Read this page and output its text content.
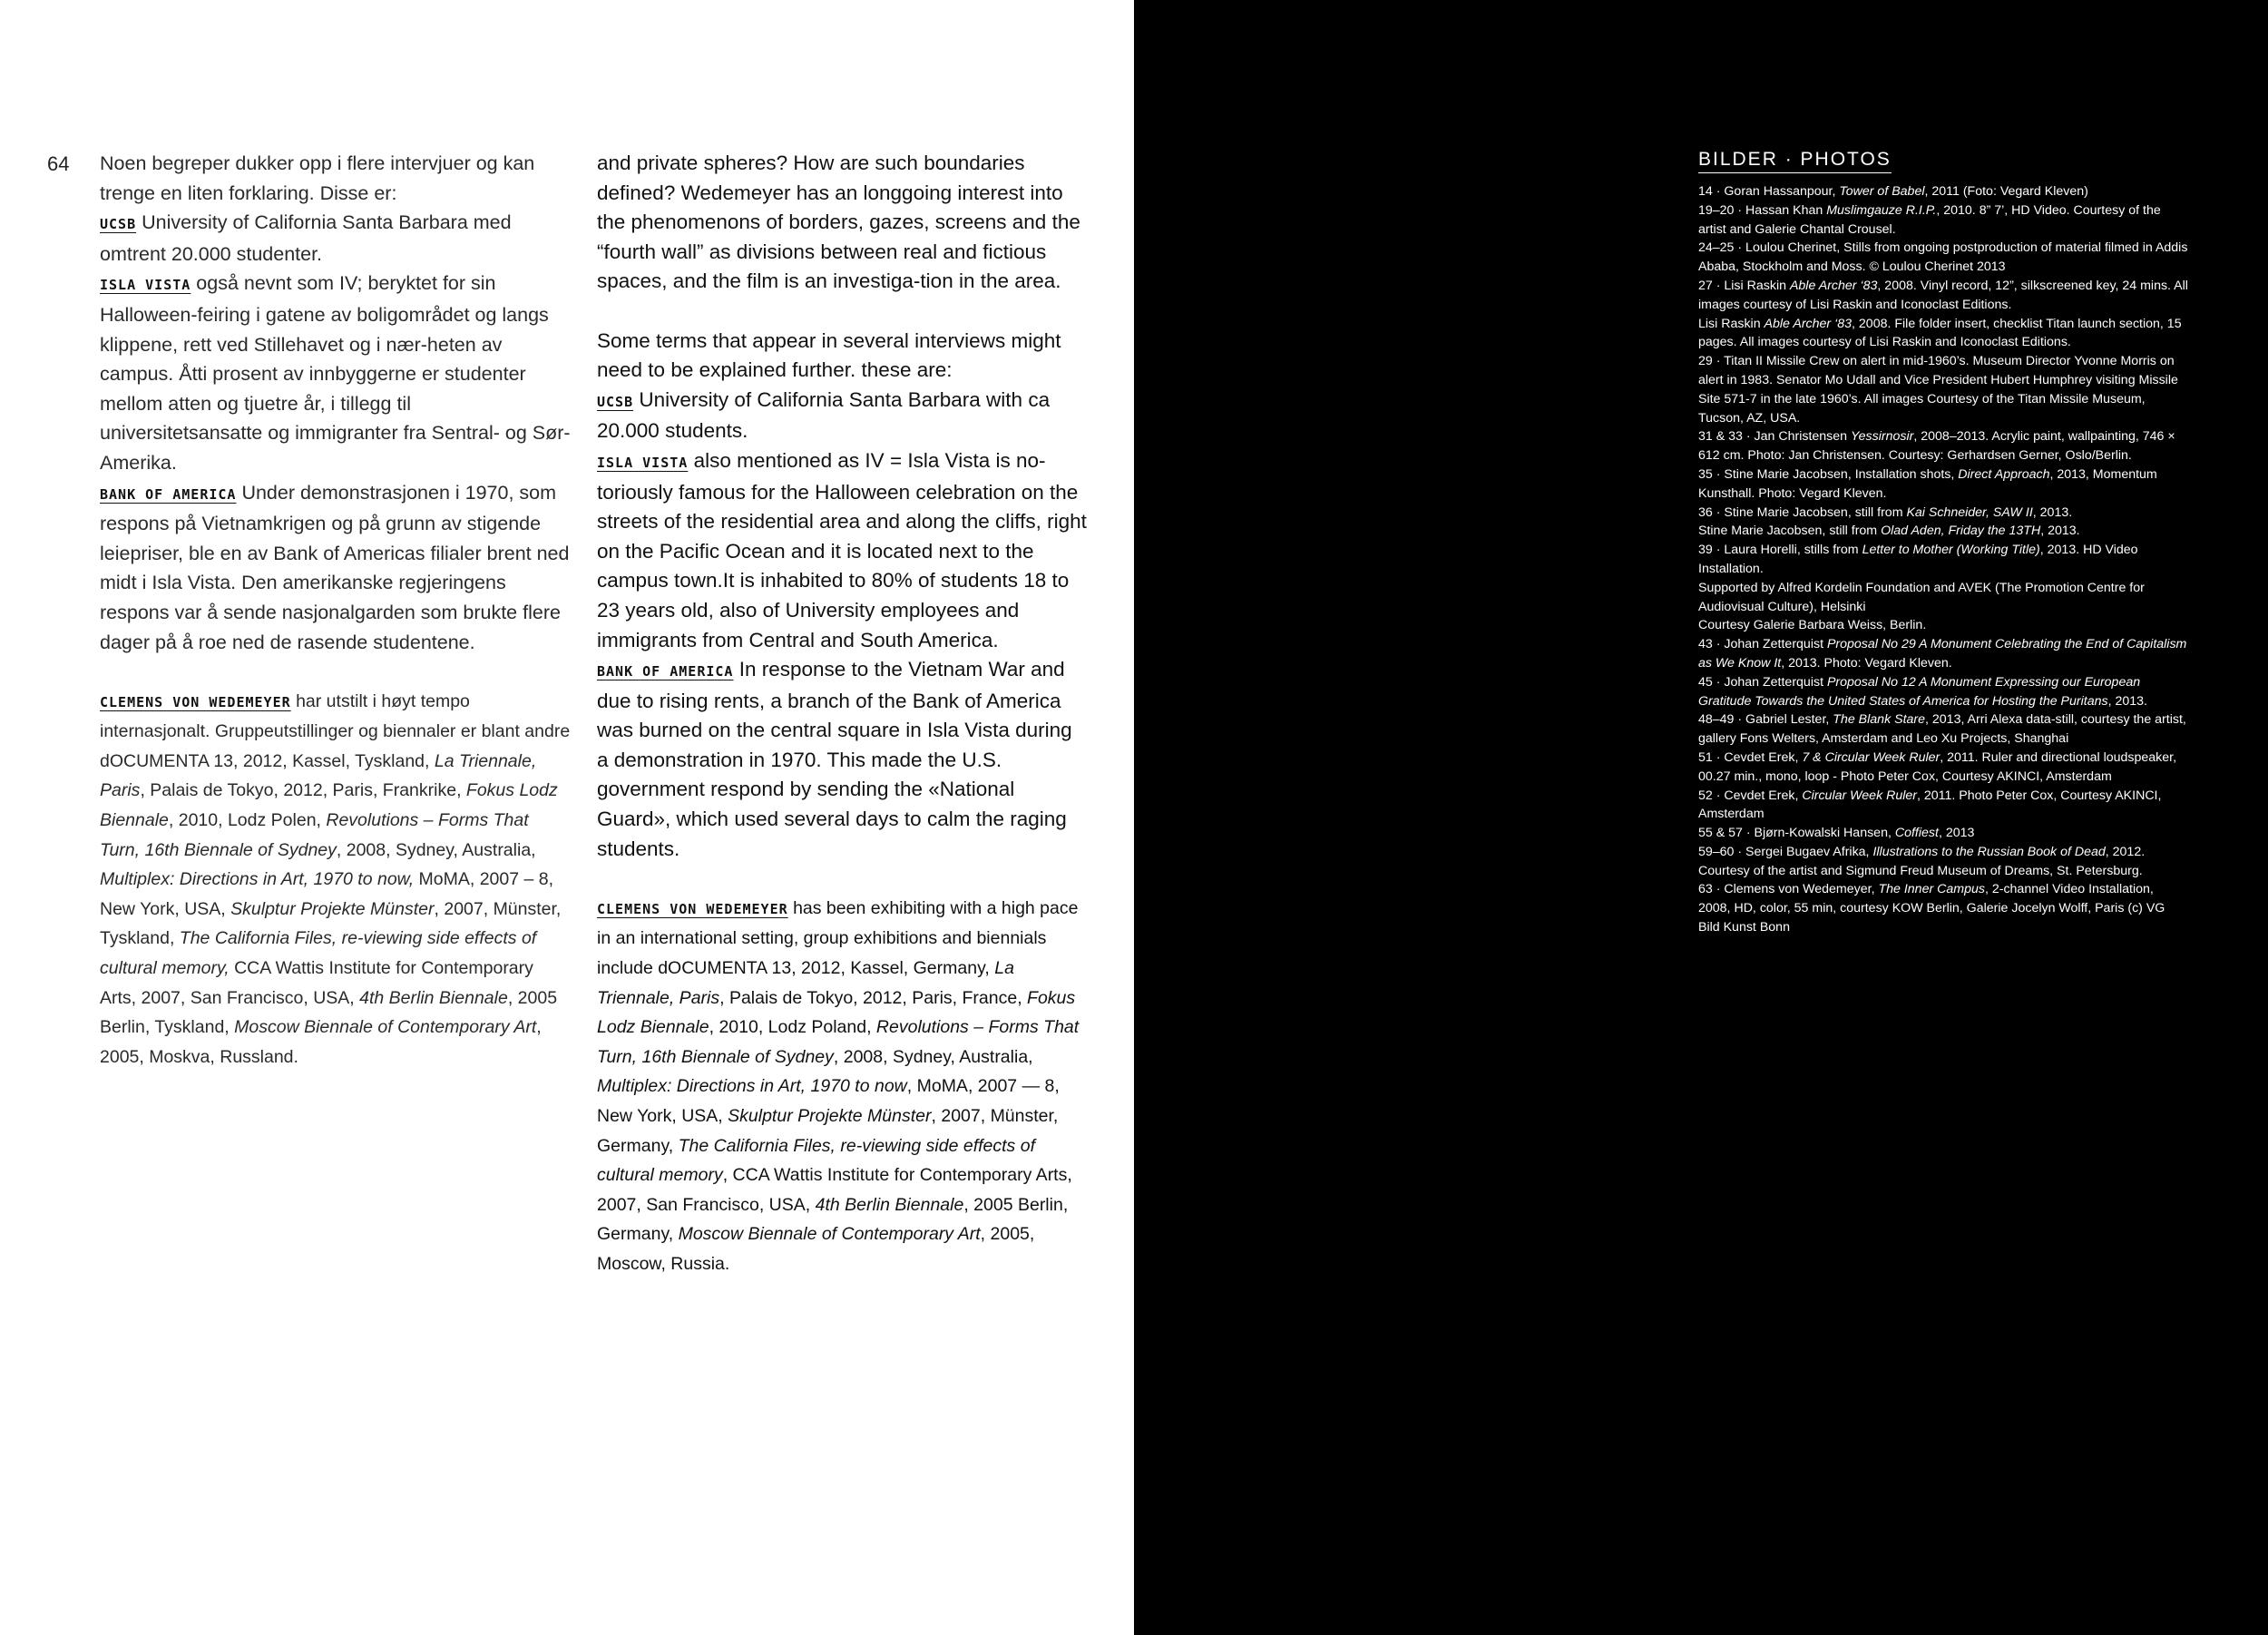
64 Noen begreper dukker opp i flere intervjuer og kan trenge en liten forklaring. Disse er:

UCSB University of California Santa Barbara med omtrent 20.000 studenter.

ISLA VISTA også nevnt som IV; beryktet for sin Halloween-feiring i gatene av boligområdet og langs klippene, rett ved Stillehavet og i nær-heten av campus. Åtti prosent av innbyggerne er studenter mellom atten og tjuetre år, i tillegg til universitetsansatte og immigranter fra Sentral- og Sør-Amerika.

BANK OF AMERICA Under demonstrasjonen i 1970, som respons på Vietnamkrigen og på grunn av stigende leiepriser, ble en av Bank of Americas filialer brent ned midt i Isla Vista. Den amerikanske regjeringens respons var å sende nasjonalgarden som brukte flere dager på å roe ned de rasende studentene.

CLEMENS VON WEDEMEYER har utstilt i høyt tempo internasjonalt. Gruppeutstillinger og biennaler er blant andre dOCUMENTA 13, 2012, Kassel, Tyskland, La Triennale, Paris, Palais de Tokyo, 2012, Paris, Frankrike, Fokus Lodz Biennale, 2010, Lodz Polen, Revolutions – Forms That Turn, 16th Biennale of Sydney, 2008, Sydney, Australia, Multiplex: Directions in Art, 1970 to now, MoMA, 2007 – 8, New York, USA, Skulptur Projekte Münster, 2007, Münster, Tyskland, The California Files, re-viewing side effects of cultural memory, CCA Wattis Institute for Contemporary Arts, 2007, San Francisco, USA, 4th Berlin Biennale, 2005 Berlin, Tyskland, Moscow Biennale of Contemporary Art, 2005, Moskva, Russland.

and private spheres? How are such boundaries defined? Wedemeyer has an longgoing interest into the phenomenons of borders, gazes, screens and the “fourth wall” as divisions between real and fictious spaces, and the film is an investiga-tion in the area.

Some terms that appear in several interviews might need to be explained further. these are:

UCSB University of California Santa Barbara with ca 20.000 students.

ISLA VISTA also mentioned as IV = Isla Vista is no-toriously famous for the Halloween celebration on the streets of the residential area and along the cliffs, right on the Pacific Ocean and it is located next to the campus town.It is inhabited to 80% of students 18 to 23 years old, also of University employees and immigrants from Central and South America.

BANK OF AMERICA In response to the Vietnam War and due to rising rents, a branch of the Bank of America was burned on the central square in Isla Vista during a demonstration in 1970. This made the U.S. government respond by sending the «National Guard», which used several days to calm the raging students.

CLEMENS VON WEDEMEYER has been exhibiting with a high pace in an international setting, group exhibitions and biennials include dOCUMENTA 13, 2012, Kassel, Germany, La Triennale, Paris, Palais de Tokyo, 2012, Paris, France, Fokus Lodz Biennale, 2010, Lodz Poland, Revolutions – Forms That Turn, 16th Biennale of Sydney, 2008, Sydney, Australia, Multiplex: Directions in Art, 1970 to now, MoMA, 2007 — 8, New York, USA, Skulptur Projekte Münster, 2007, Münster, Germany, The California Files, re-viewing side effects of cultural memory, CCA Wattis Institute for Contemporary Arts, 2007, San Francisco, USA, 4th Berlin Biennale, 2005 Berlin, Germany, Moscow Biennale of Contemporary Art, 2005, Moscow, Russia.

BILDER · PHOTOS

14 · Goran Hassanpour, Tower of Babel, 2011 (Foto: Vegard Kleven)

19–20 · Hassan Khan Muslimgauze R.I.P., 2010. 8” 7’, HD Video. Courtesy of the artist and Galerie Chantal Crousel.

24–25 · Loulou Cherinet, Stills from ongoing postproduction of material filmed in Addis Ababa, Stockholm and Moss. © Loulou Cherinet 2013

27 · Lisi Raskin Able Archer ‘83, 2008. Vinyl record, 12”, silkscreened key, 24 mins. All images courtesy of Lisi Raskin and Iconoclast Editions.

Lisi Raskin Able Archer ‘83, 2008. File folder insert, checklist Titan launch section, 15 pages. All images courtesy of Lisi Raskin and Iconoclast Editions.

29 · Titan II Missile Crew on alert in mid-1960’s. Museum Director Yvonne Morris on alert in 1983. Senator Mo Udall and Vice President Hubert Humphrey visiting Missile Site 571-7 in the late 1960’s. All images Courtesy of the Titan Missile Museum, Tucson, AZ, USA.

31 & 33 · Jan Christensen Yessirnosir, 2008–2013. Acrylic paint, wallpainting, 746 × 612 cm. Photo: Jan Christensen. Courtesy: Gerhardsen Gerner, Oslo/Berlin.

35 · Stine Marie Jacobsen, Installation shots, Direct Approach, 2013, Momentum Kunsthall. Photo: Vegard Kleven.

36 · Stine Marie Jacobsen, still from Kai Schneider, SAW II, 2013.

Stine Marie Jacobsen, still from Olad Aden, Friday the 13TH, 2013.

39 · Laura Horelli, stills from Letter to Mother (Working Title), 2013. HD Video Installation.

Supported by Alfred Kordelin Foundation and AVEK (The Promotion Centre for Audiovisual Culture), Helsinki

Courtesy Galerie Barbara Weiss, Berlin.

43 · Johan Zetterquist Proposal No 29 A Monument Celebrating the End of Capitalism as We Know It, 2013. Photo: Vegard Kleven.

45 · Johan Zetterquist Proposal No 12 A Monument Expressing our European Gratitude Towards the United States of America for Hosting the Puritans, 2013.

48–49 · Gabriel Lester, The Blank Stare, 2013, Arri Alexa data-still, courtesy the artist, gallery Fons Welters, Amsterdam and Leo Xu Projects, Shanghai

51 · Cevdet Erek, 7 & Circular Week Ruler, 2011. Ruler and directional loudspeaker, 00.27 min., mono, loop - Photo Peter Cox, Courtesy AKINCI, Amsterdam

52 · Cevdet Erek, Circular Week Ruler, 2011. Photo Peter Cox, Courtesy AKINCI, Amsterdam

55 & 57 · Bjørn-Kowalski Hansen, Coffiest, 2013

59–60 · Sergei Bugaev Afrika, Illustrations to the Russian Book of Dead, 2012. Courtesy of the artist and Sigmund Freud Museum of Dreams, St. Petersburg.

63 · Clemens von Wedemeyer, The Inner Campus, 2-channel Video Installation, 2008, HD, color, 55 min, courtesy KOW Berlin, Galerie Jocelyn Wolff, Paris (c) VG Bild Kunst Bonn
